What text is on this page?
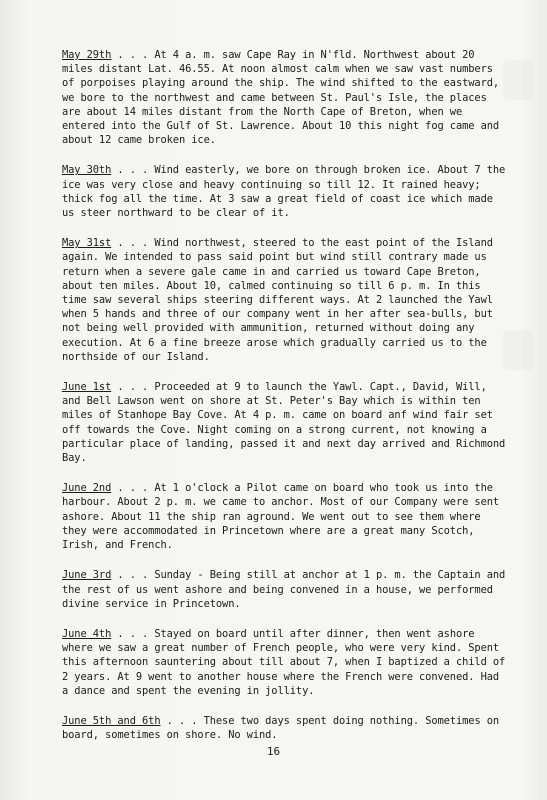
May 29th . . . At 4 a. m. saw Cape Ray in N'fld. Northwest about 20 miles distant Lat. 46.55. At noon almost calm when we saw vast numbers of porpoises playing around the ship. The wind shifted to the eastward, we bore to the northwest and came between St. Paul's Isle, the places are about 14 miles distant from the North Cape of Breton, when we entered into the Gulf of St. Lawrence. About 10 this night fog came and about 12 came broken ice.

May 30th . . . Wind easterly, we bore on through broken ice. About 7 the ice was very close and heavy continuing so till 12. It rained heavy; thick fog all the time. At 3 saw a great field of coast ice which made us steer northward to be clear of it.

May 31st . . . Wind northwest, steered to the east point of the Island again. We intended to pass said point but wind still contrary made us return when a severe gale came in and carried us toward Cape Breton, about ten miles. About 10, calmed continuing so till 6 p. m. In this time saw several ships steering different ways. At 2 launched the Yawl when 5 hands and three of our company went in her after sea-bulls, but not being well provided with ammunition, returned without doing any execution. At 6 a fine breeze arose which gradually carried us to the northside of our Island.

June 1st . . . Proceeded at 9 to launch the Yawl. Capt., David, Will, and Bell Lawson went on shore at St. Peter's Bay which is within ten miles of Stanhope Bay Cove. At 4 p. m. came on board anf wind fair set off towards the Cove. Night coming on a strong current, not knowing a particular place of landing, passed it and next day arrived and Richmond Bay.

June 2nd . . . At 1 o'clock a Pilot came on board who took us into the harbour. About 2 p. m. we came to anchor. Most of our Company were sent ashore. About 11 the ship ran aground. We went out to see them where they were accommodated in Princetown where are a great many Scotch, Irish, and French.

June 3rd . . . Sunday - Being still at anchor at 1 p. m. the Captain and the rest of us went ashore and being convened in a house, we performed divine service in Princetown.

June 4th . . . Stayed on board until after dinner, then went ashore where we saw a great number of French people, who were very kind. Spent this afternoon sauntering about till about 7, when I baptized a child of 2 years. At 9 went to another house where the French were convened. Had a dance and spent the evening in jollity.

June 5th and 6th . . . These two days spent doing nothing. Sometimes on board, sometimes on shore. No wind.

16
